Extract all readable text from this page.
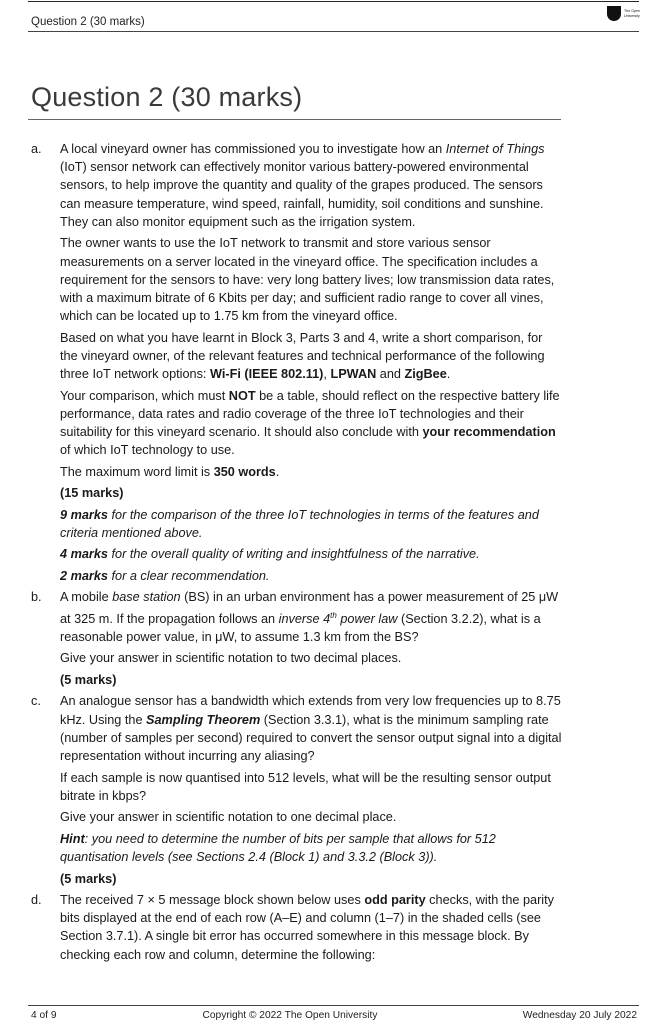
Question 2 (30 marks)
The Open
University
Question 2 (30 marks)
a. A local vineyard owner has commissioned you to investigate how an Internet of Things (IoT) sensor network can effectively monitor various battery-powered environmental sensors, to help improve the quantity and quality of the grapes produced. The sensors can measure temperature, wind speed, rainfall, humidity, soil conditions and sunshine. They can also monitor equipment such as the irrigation system.

The owner wants to use the IoT network to transmit and store various sensor measurements on a server located in the vineyard office. The specification includes a requirement for the sensors to have: very long battery lives; low transmission data rates, with a maximum bitrate of 6 Kbits per day; and sufficient radio range to cover all vines, which can be located up to 1.75 km from the vineyard office.

Based on what you have learnt in Block 3, Parts 3 and 4, write a short comparison, for the vineyard owner, of the relevant features and technical performance of the following three IoT network options: Wi-Fi (IEEE 802.11), LPWAN and ZigBee.

Your comparison, which must NOT be a table, should reflect on the respective battery life performance, data rates and radio coverage of the three IoT technologies and their suitability for this vineyard scenario. It should also conclude with your recommendation of which IoT technology to use.

The maximum word limit is 350 words.

(15 marks)

9 marks for the comparison of the three IoT technologies in terms of the features and criteria mentioned above.

4 marks for the overall quality of writing and insightfulness of the narrative.

2 marks for a clear recommendation.

b. A mobile base station (BS) in an urban environment has a power measurement of 25 μW at 325 m. If the propagation follows an inverse 4th power law (Section 3.2.2), what is a reasonable power value, in μW, to assume 1.3 km from the BS?

Give your answer in scientific notation to two decimal places.

(5 marks)

c. An analogue sensor has a bandwidth which extends from very low frequencies up to 8.75 kHz. Using the Sampling Theorem (Section 3.3.1), what is the minimum sampling rate (number of samples per second) required to convert the sensor output signal into a digital representation without incurring any aliasing?

If each sample is now quantised into 512 levels, what will be the resulting sensor output bitrate in kbps?

Give your answer in scientific notation to one decimal place.

Hint: you need to determine the number of bits per sample that allows for 512 quantisation levels (see Sections 2.4 (Block 1) and 3.3.2 (Block 3)).

(5 marks)

d. The received 7 × 5 message block shown below uses odd parity checks, with the parity bits displayed at the end of each row (A–E) and column (1–7) in the shaded cells (see Section 3.7.1). A single bit error has occurred somewhere in this message block. By checking each row and column, determine the following:

4 of 9	Copyright © 2022 The Open University	Wednesday 20 July 2022
